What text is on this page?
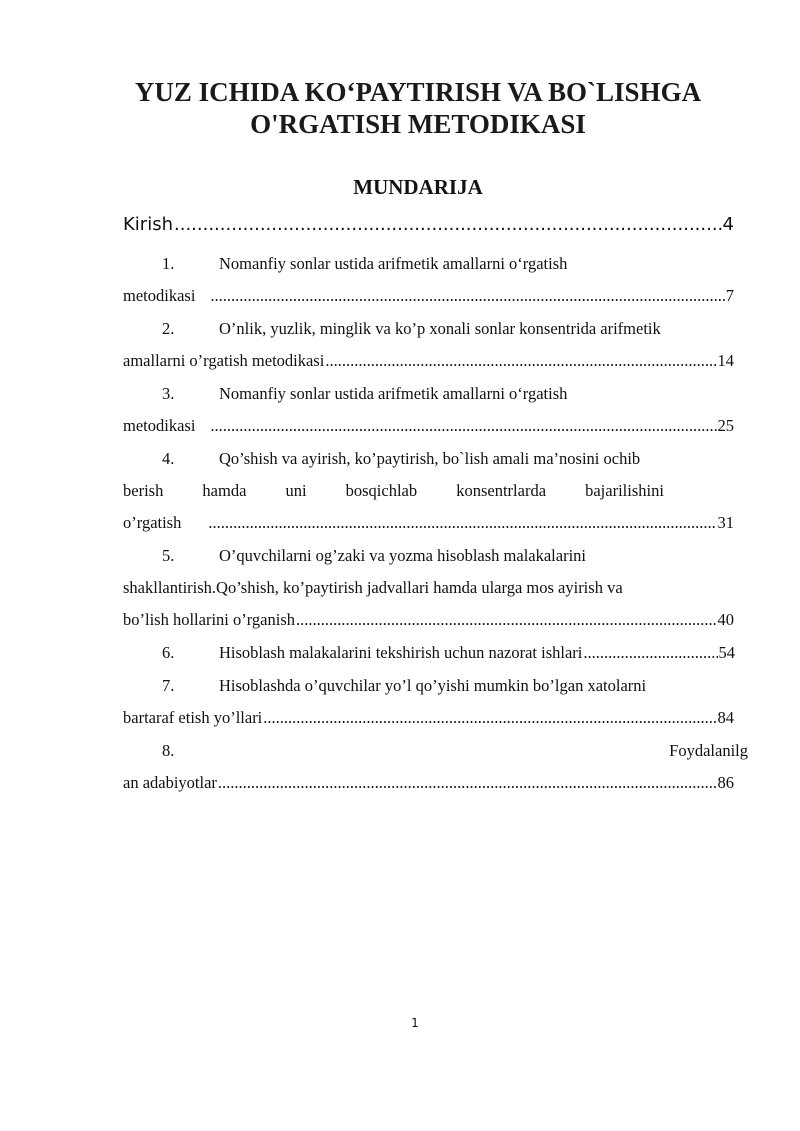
YUZ ICHIDA KO‘PAYTIRISH VA BO`LISHGA
O'RGATISH METODIKASI
MUNDARIJA
Kirish .....	4
1.	Nomanfiy sonlar ustida arifmetik amallarni o‘rgatish
metodikasi .....	7
2.	O’nlik, yuzlik, minglik va ko’p xonali sonlar konsentrida arifmetik
amallarni o’rgatish metodikasi .....	14
3.	Nomanfiy sonlar ustida arifmetik amallarni o‘rgatish
metodikasi .....	25
4.	Qo’shish va ayirish, ko’paytirish, bo`lish amali ma’nosini ochib
berish hamda uni bosqichlab konsentrlarda bajarilishini
o’rgatish .....	31
5.	O’quvchilarni og’zaki va yozma hisoblash malakalarini
shakllantirish.Qo’shish, ko’paytirish jadvallari hamda ularga mos ayirish va
bo’lish hollarini o’rganish .....	40
6.	Hisoblash malakalarini tekshirish uchun nazorat ishlari .....	54
7.	Hisoblashda o’quvchilar yo’l qo’yishi mumkin bo’lgan xatolarni
bartaraf etish yo’llari .....	84
8.	Foydalanilg
an adabiyotlar .....	86
1
